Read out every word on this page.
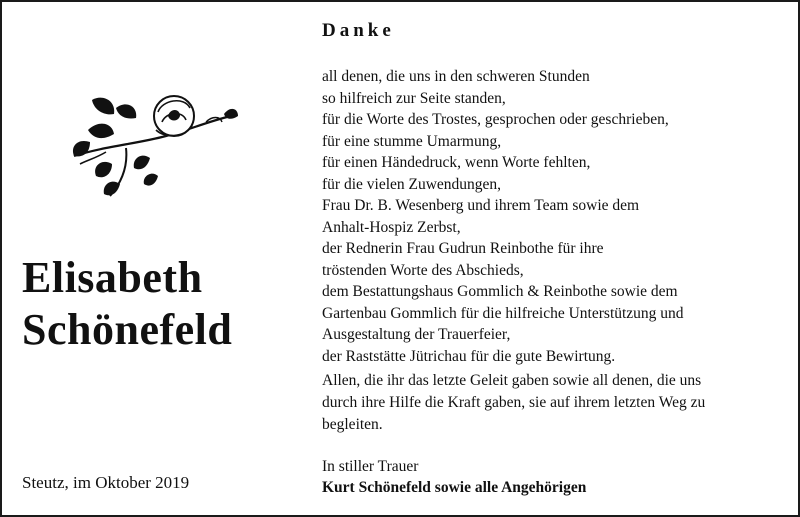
Elisabeth
Schönefeld
Steutz, im Oktober 2019
Danke
all denen, die uns in den schweren Stunden
so hilfreich zur Seite standen,
für die Worte des Trostes, gesprochen oder geschrieben,
für eine stumme Umarmung,
für einen Händedruck, wenn Worte fehlten,
für die vielen Zuwendungen,
Frau Dr. B. Wesenberg und ihrem Team sowie dem
Anhalt-Hospiz Zerbst,
der Rednerin Frau Gudrun Reinbothe für ihre
tröstenden Worte des Abschieds,
dem Bestattungshaus Gommlich & Reinbothe sowie dem
Gartenbau Gommlich für die hilfreiche Unterstützung und
Ausgestaltung der Trauerfeier,
der Raststätte Jütrichau für die gute Bewirtung.
Allen, die ihr das letzte Geleit gaben sowie all denen, die uns
durch ihre Hilfe die Kraft gaben, sie auf ihrem letzten Weg zu
begleiten.
In stiller Trauer
Kurt Schönefeld sowie alle Angehörigen
